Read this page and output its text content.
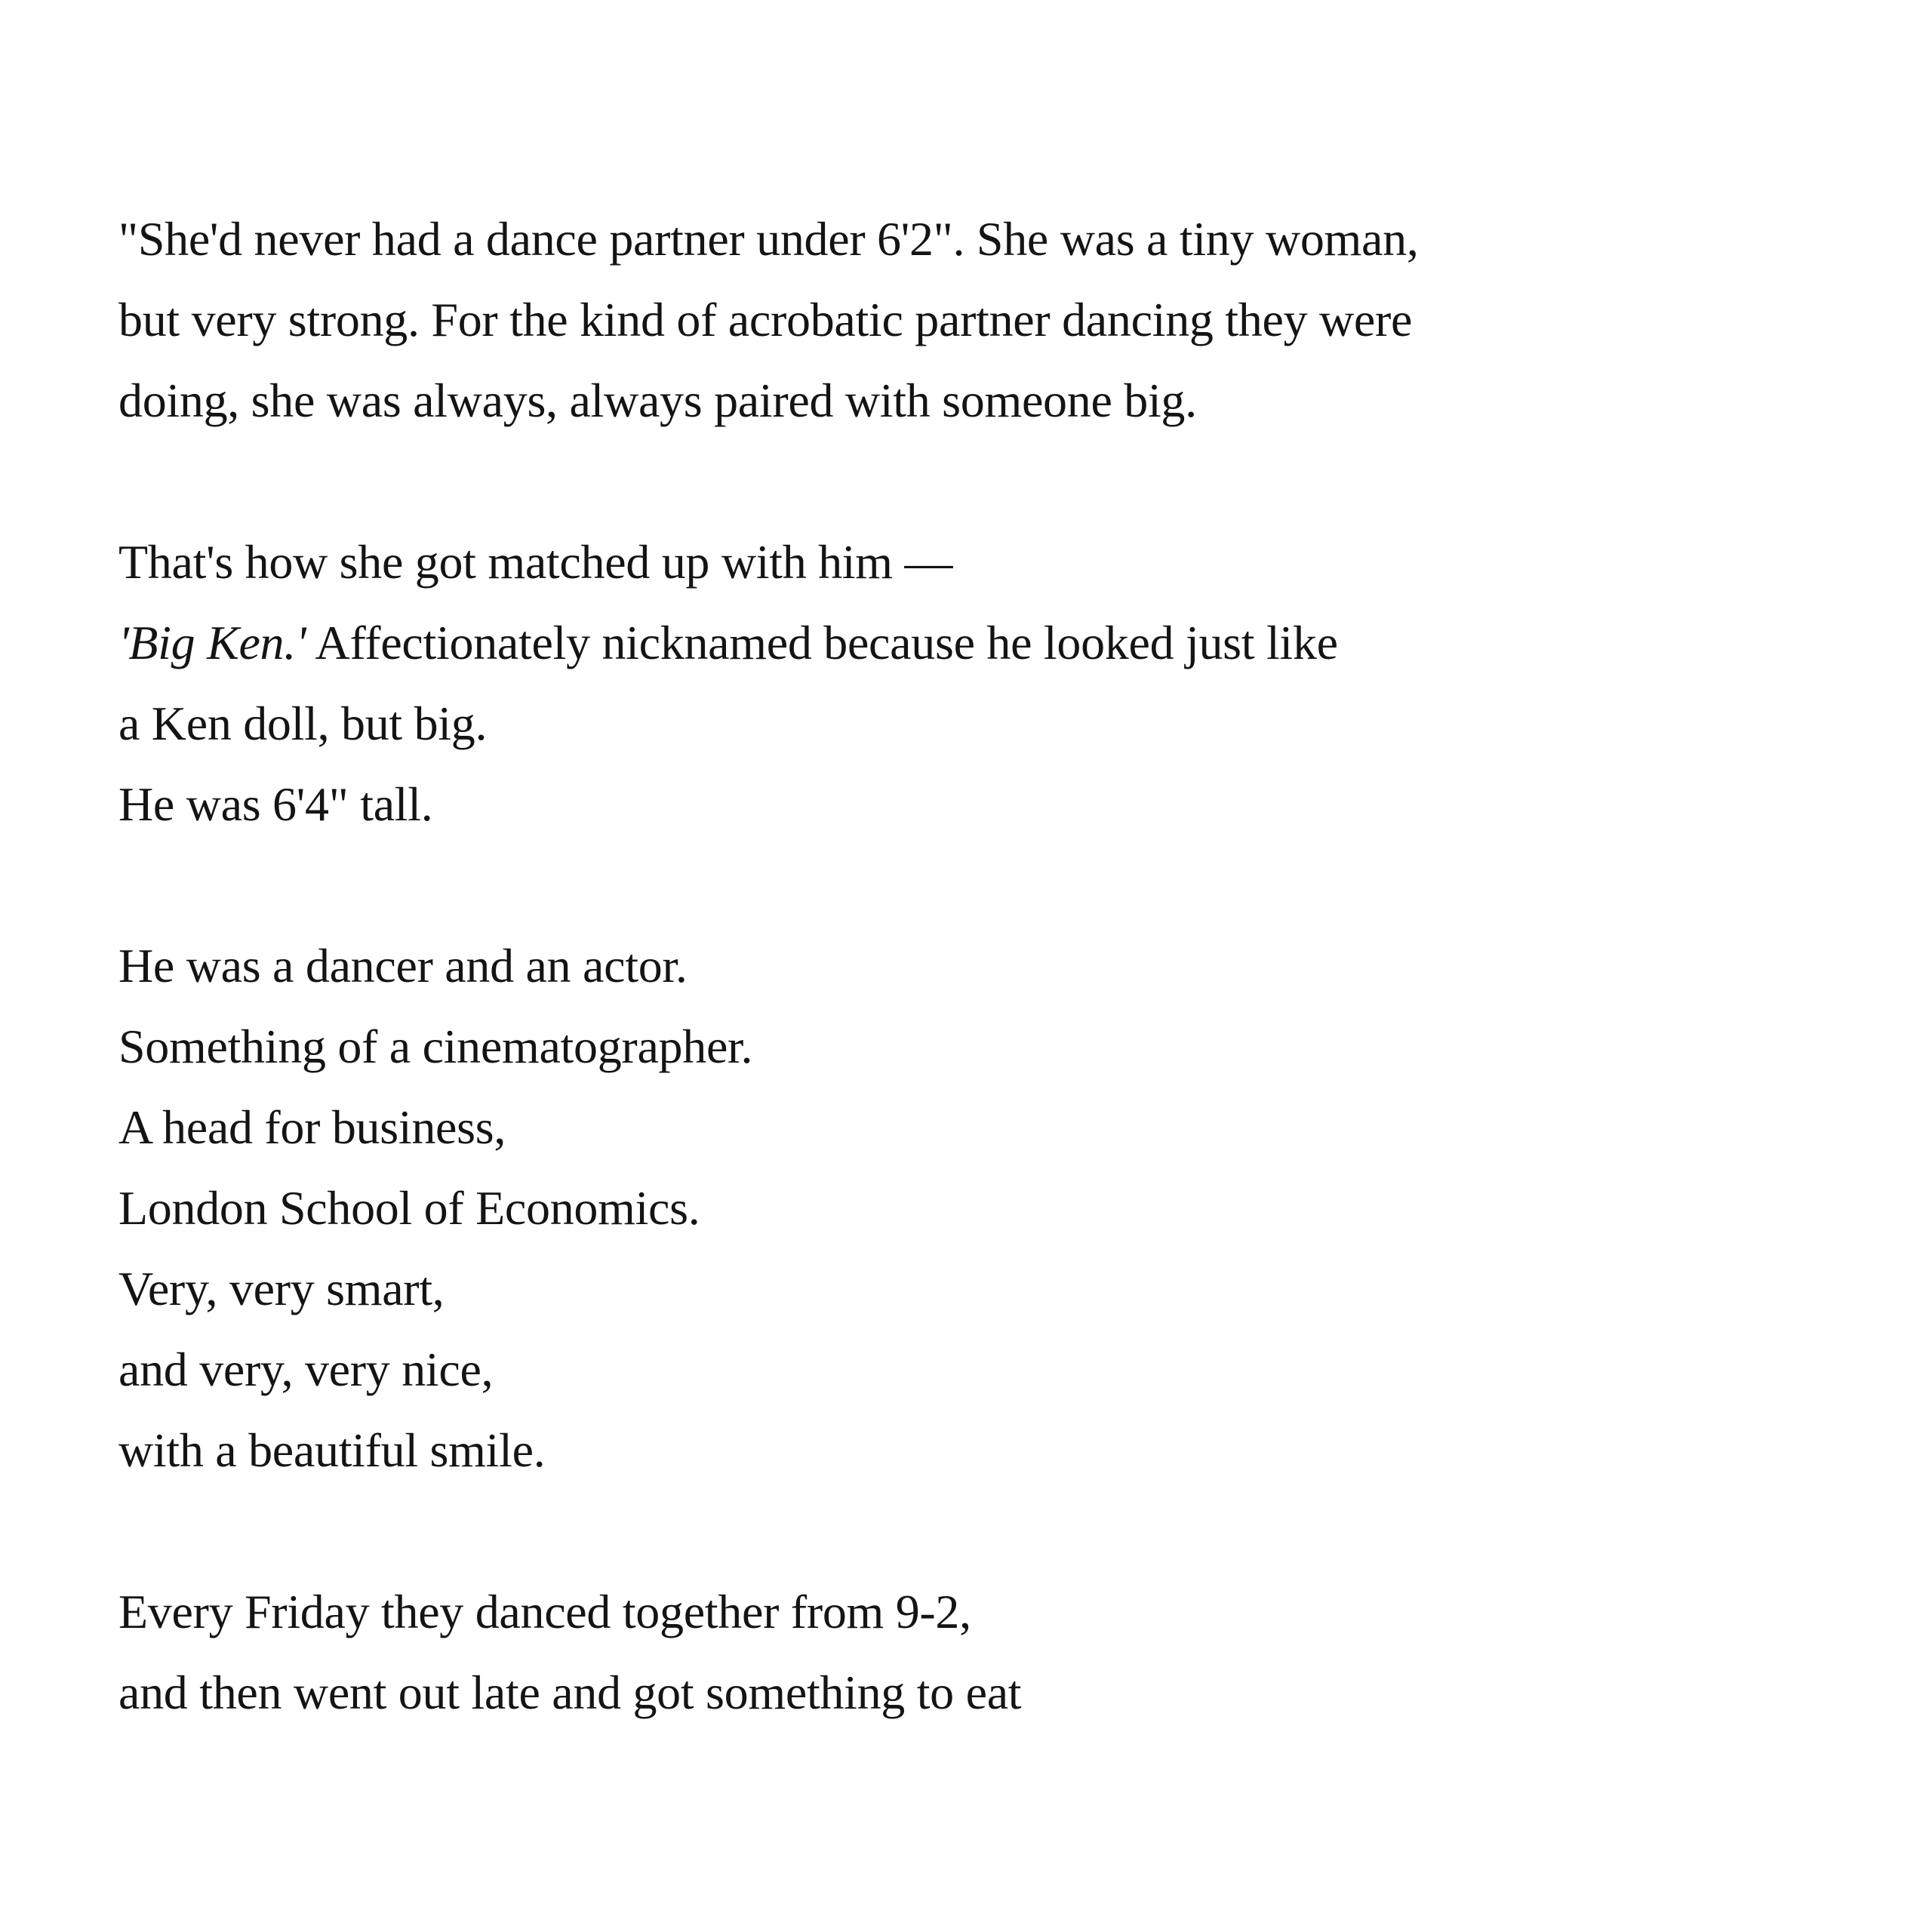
"She'd never had a dance partner under 6'2". She was a tiny woman,
but very strong. For the kind of acrobatic partner dancing they were
doing, she was always, always paired with someone big.

That's how she got matched up with him —
'Big Ken.' Affectionately nicknamed because he looked just like
a Ken doll, but big.
He was 6'4" tall.

He was a dancer and an actor.
Something of a cinematographer.
A head for business,
London School of Economics.
Very, very smart,
and very, very nice,
with a beautiful smile.

Every Friday they danced together from 9-2,
and then went out late and got something to eat
